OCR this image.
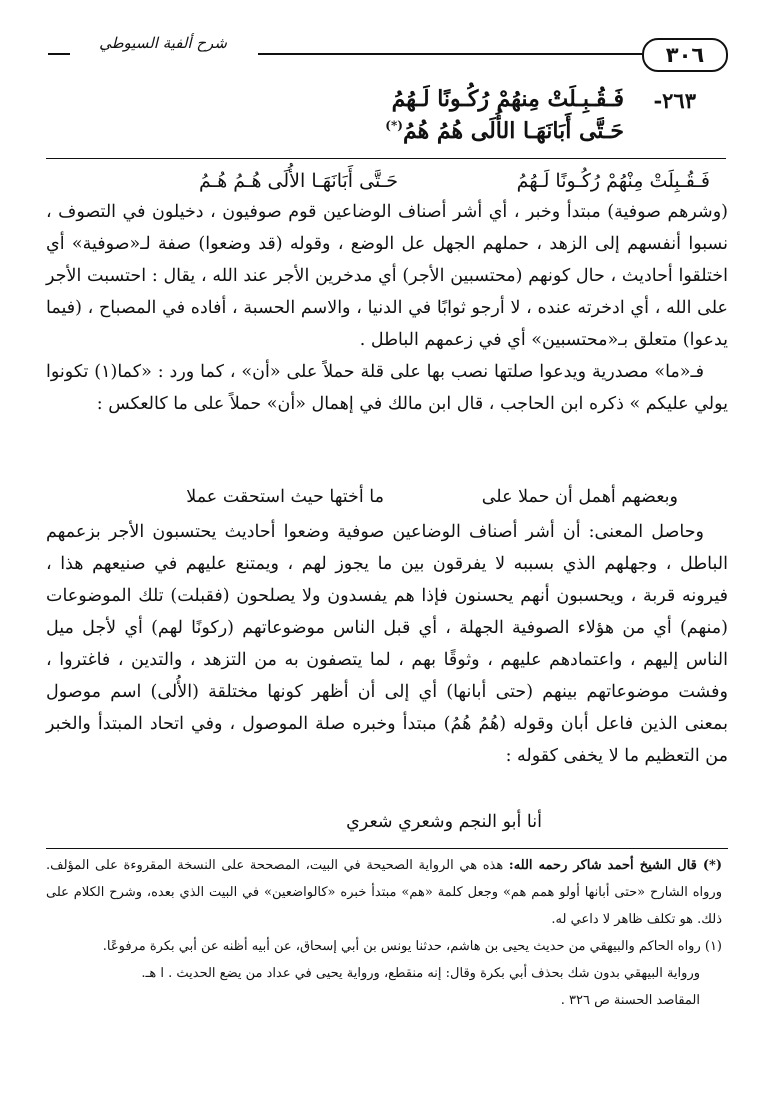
٣٠٦
شرح ألفية السيوطي
٢٦٣-
فَـقُـبِـلَتْ مِنهُمْ رُكُـونًا لَـهُمُ
حَـتَّى أَبَانَهَـا الأُلَى هُمُ هُمُ(*)
فَـقُـبِلَتْ مِنْهُمْ رُكُـونًا لَـهُمُ
حَـتَّى أَبَانَهَـا الأُلَى هُـمُ هُـمُ

(وشرهم صوفية) مبتدأ وخبر ، أي أشر أصناف الوضاعين قوم صوفيون ، دخيلون في التصوف ، نسبوا أنفسهم إلى الزهد ، حملهم الجهل عل الوضع ، وقوله (قد وضعوا) صفة لـ«صوفية» أي اختلقوا أحاديث ، حال كونهم (محتسبين الأجر) أي مدخرين الأجر عند الله ، يقال : احتسبت الأجر على الله ، أي ادخرته عنده ، لا أرجو ثوابًا في الدنيا ، والاسم الحسبة ، أفاده في المصباح ، (فيما يدعوا) متعلق بـ«محتسبين» أي في زعمهم الباطل .

فـ«ما» مصدرية ويدعوا صلتها نصب بها على قلة حملاً على «أن» ، كما ورد : «كما(١) تكونوا يولي عليكم » ذكره ابن الحاجب ، قال ابن مالك في إهمال «أن» حملاً على ما كالعكس :

وبعضهم أهمل أن حملا على
ما أختها حيث استحقت عملا

وحاصل المعنى: أن أشر أصناف الوضاعين صوفية وضعوا أحاديث يحتسبون الأجر بزعمهم الباطل ، وجهلهم الذي بسببه لا يفرقون بين ما يجوز لهم ، ويمتنع عليهم في صنيعهم هذا ، فيرونه قربة ، ويحسبون أنهم يحسنون فإذا هم يفسدون ولا يصلحون (فقبلت) تلك الموضوعات (منهم) أي من هؤلاء الصوفية الجهلة ، أي قبل الناس موضوعاتهم (ركونًا لهم) أي لأجل ميل الناس إليهم ، واعتمادهم عليهم ، وثوقًا بهم ، لما يتصفون به من التزهد ، والتدين ، فاغتروا ، وفشت موضوعاتهم بينهم (حتى أبانها) أي إلى أن أظهر كونها مختلقة (الأُلى) اسم موصول بمعنى الذين فاعل أبان وقوله (هُمُ هُمُ) مبتدأ وخبره صلة الموصول ، وفي اتحاد المبتدأ والخبر من التعظيم ما لا يخفى كقوله :

أنا أبو النجم وشعري شعري

(*) قال الشيخ أحمد شاكر رحمه الله: هذه هي الرواية الصحيحة في البيت، المصححة على النسخة المقروءة على المؤلف. ورواه الشارح «حتى أبانها أولو همم هم» وجعل كلمة «هم» مبتدأ خبره «كالواضعين» في البيت الذي بعده، وشرح الكلام على ذلك. هو تكلف ظاهر لا داعي له.

(١) رواه الحاكم والبيهقي من حديث يحيى بن هاشم، حدثنا يونس بن أبي إسحاق، عن أبيه أظنه عن أبي بكرة مرفوعًا.

ورواية البيهقي بدون شك بحذف أبي بكرة وقال: إنه منقطع، ورواية يحيى في عداد من يضع الحديث . ا هـ.

المقاصد الحسنة ص ٣٢٦ .
